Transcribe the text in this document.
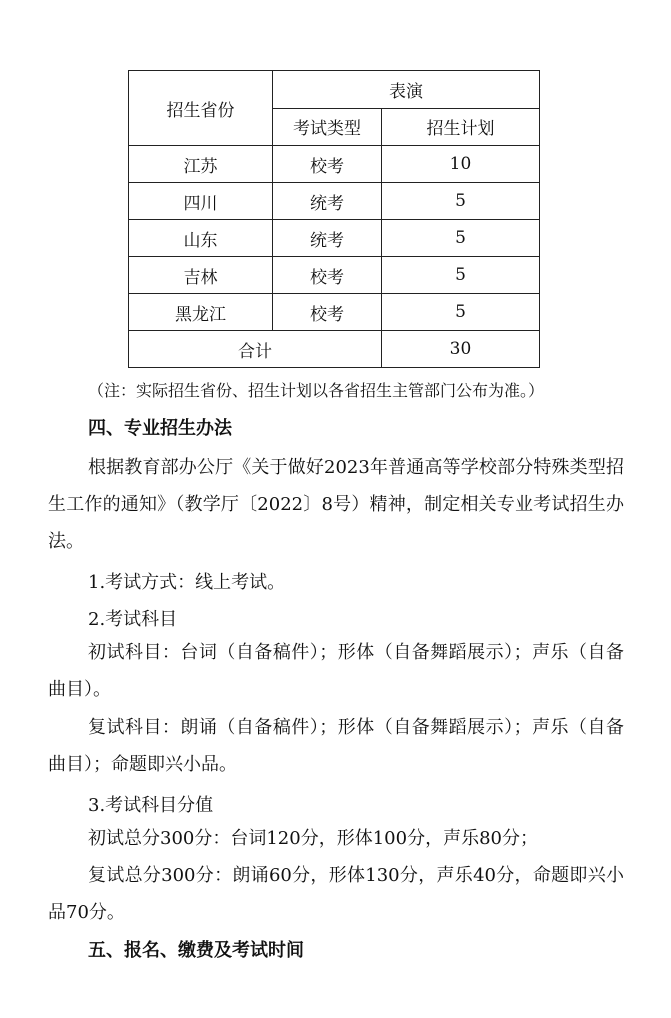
招生省份	表演	
	考试类型	招生计划
江苏	校考	10
四川	统考	5
山东	统考	5
吉林	校考	5
黑龙江	校考	5
合计		30
（注：实际招生省份、招生计划以各省招生主管部门公布为准。）
四、专业招生办法

根据教育部办公厅《关于做好2023年普通高等学校部分特殊类型招生工作的通知》（教学厅〔2022〕8号）精神，制定相关专业考试招生办法。

1.考试方式：线上考试。
2.考试科目

初试科目：台词（自备稿件）；形体（自备舞蹈展示）；声乐（自备曲目）。

复试科目：朗诵（自备稿件）；形体（自备舞蹈展示）；声乐（自备曲目）；命题即兴小品。

3.考试科目分值

初试总分300分：台词120分，形体100分，声乐80分；

复试总分300分：朗诵60分，形体130分，声乐40分，命题即兴小品70分。

五、报名、缴费及考试时间
